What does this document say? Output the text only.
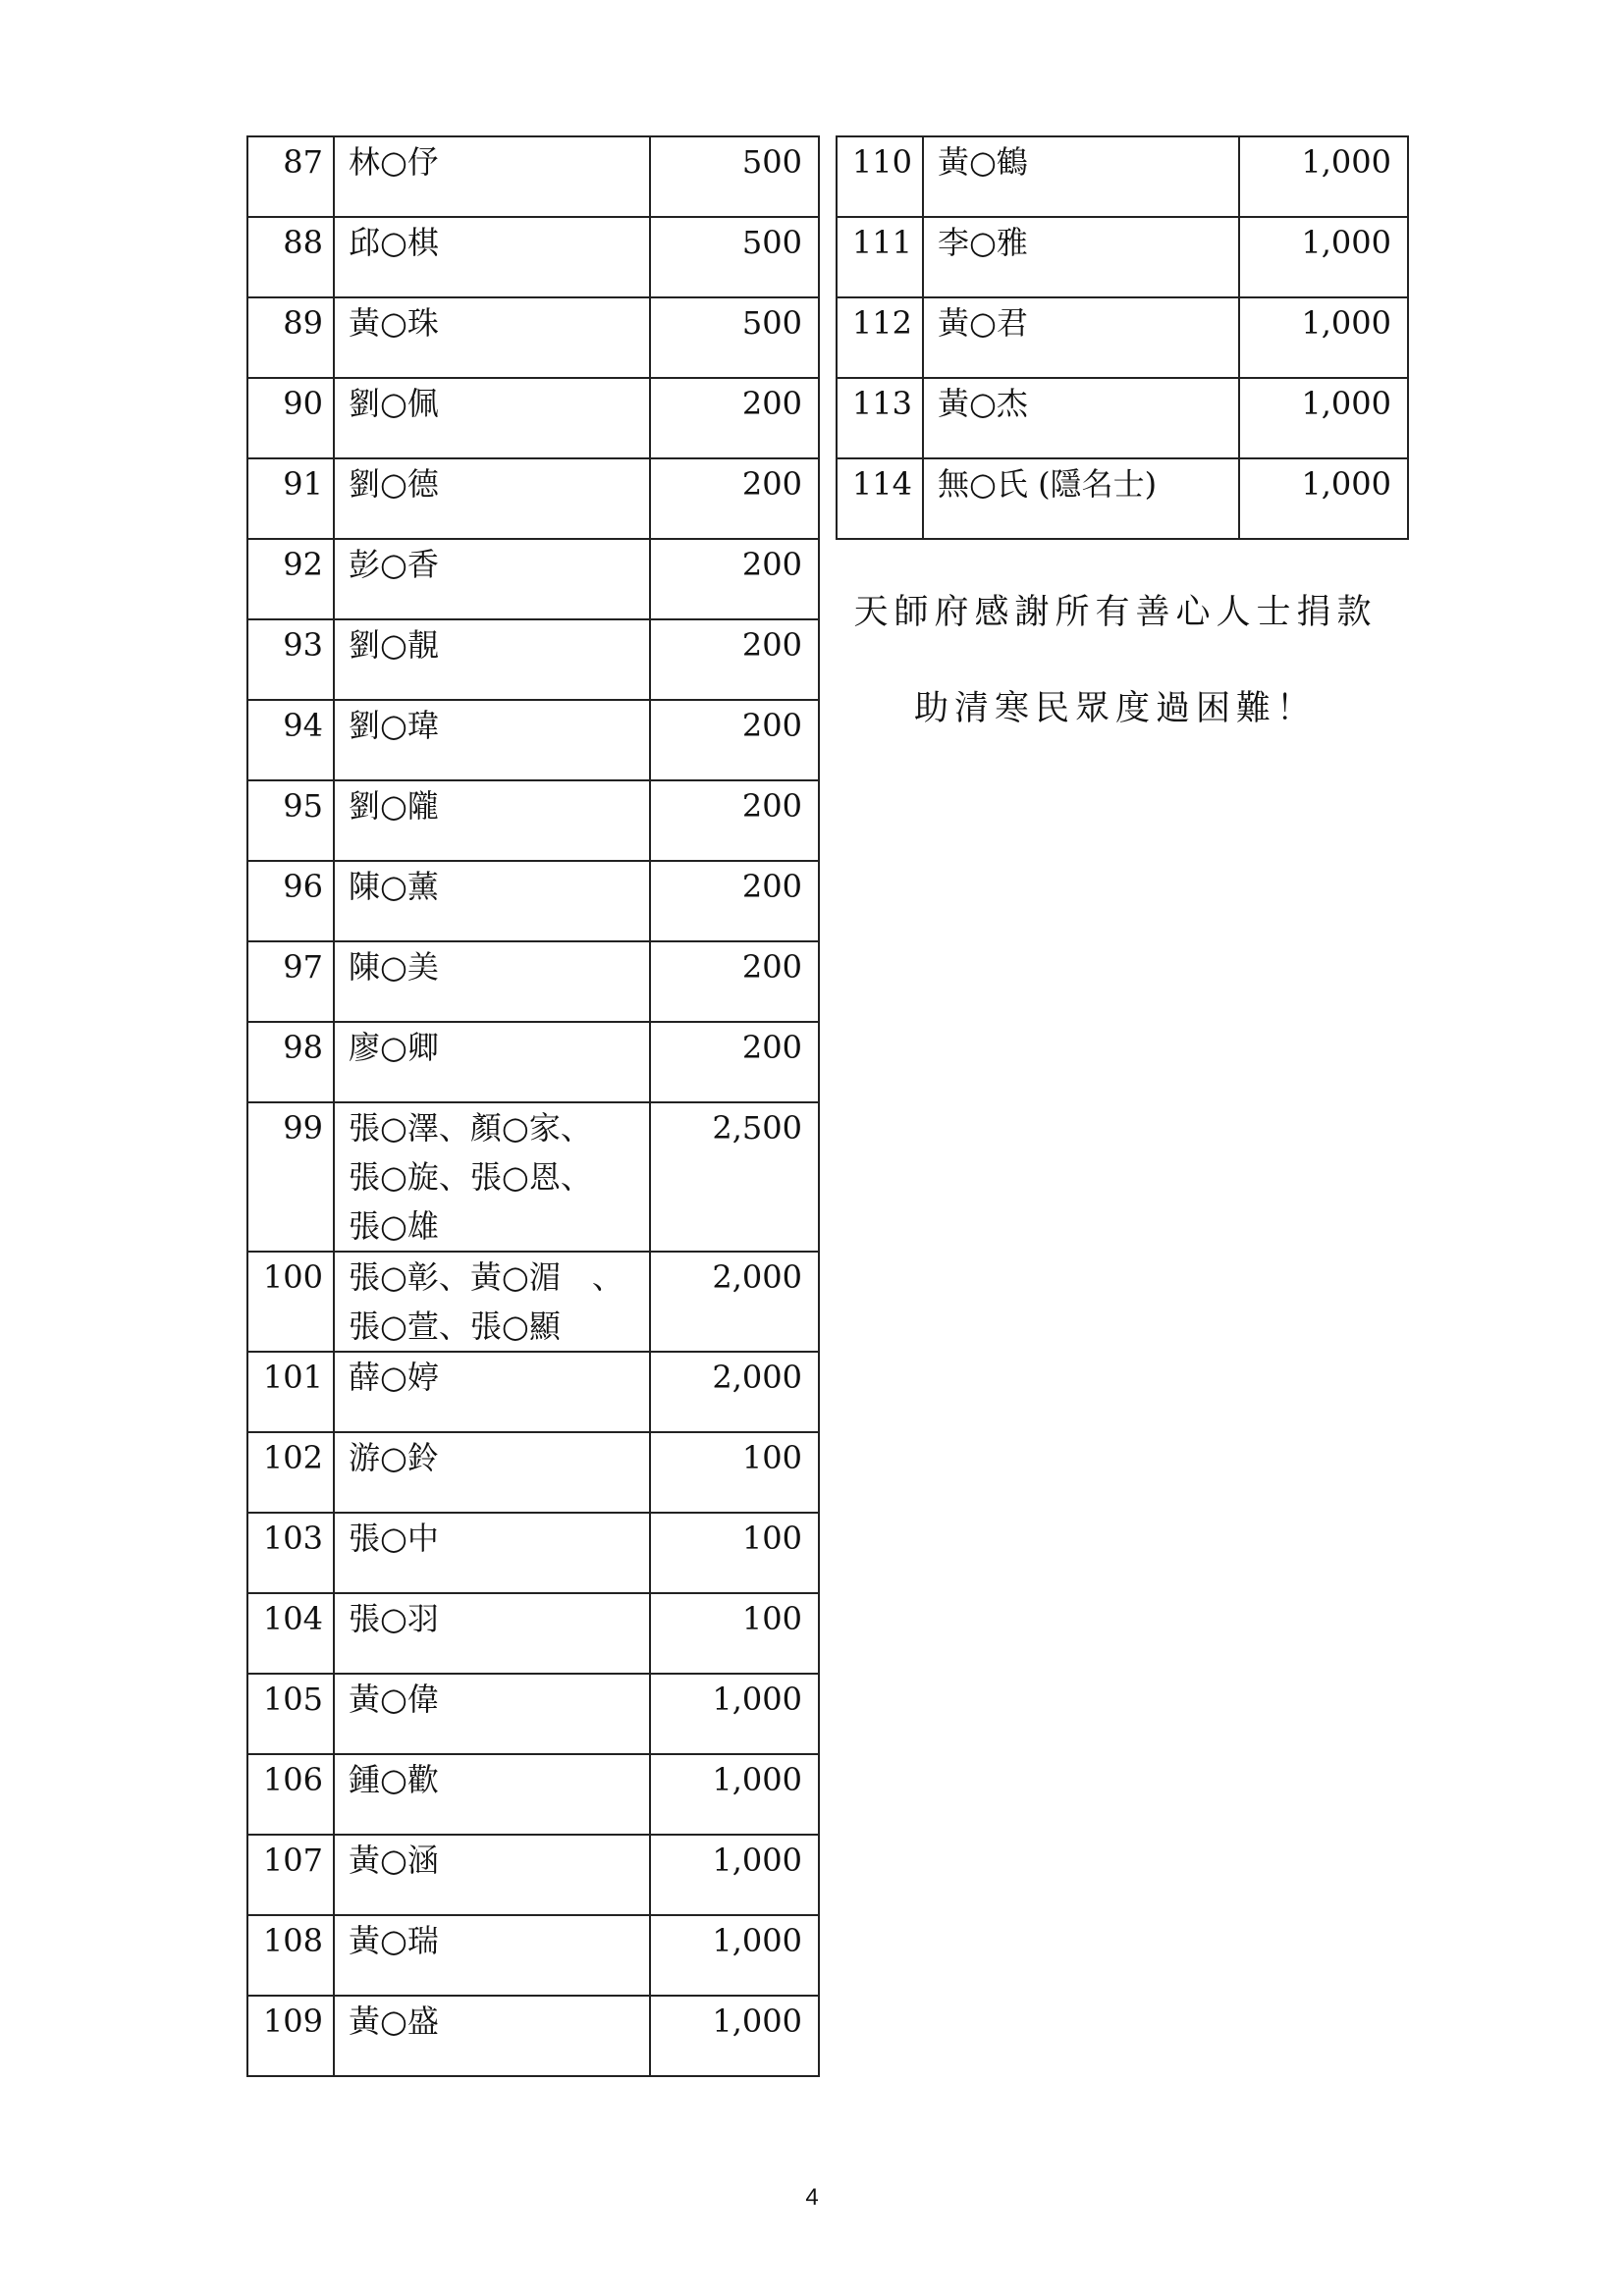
87	林○伃	500
88	邱○棋	500
89	黃○珠	500
90	劉○佩	200
91	劉○德	200
92	彭○香	200
93	劉○靚	200
94	劉○瑋	200
95	劉○隴	200
96	陳○薰	200
97	陳○美	200
98	廖○卿	200
99	張○澤、顏○家、
張○旋、張○恩、
張○雄	2,500
100	張○彰、黃○湄　、
張○萱、張○顯	2,000
101	薛○婷	2,000
102	游○鈴	100
103	張○中	100
104	張○羽	100
105	黃○偉	1,000
106	鍾○歡	1,000
107	黃○涵	1,000
108	黃○瑞	1,000
109	黃○盛	1,000
110	黃○鶴	1,000
111	李○雅	1,000
112	黃○君	1,000
113	黃○杰	1,000
114	無○氏 (隱名士)	1,000
天師府感謝所有善心人士捐款
助清寒民眾度過困難！
4
